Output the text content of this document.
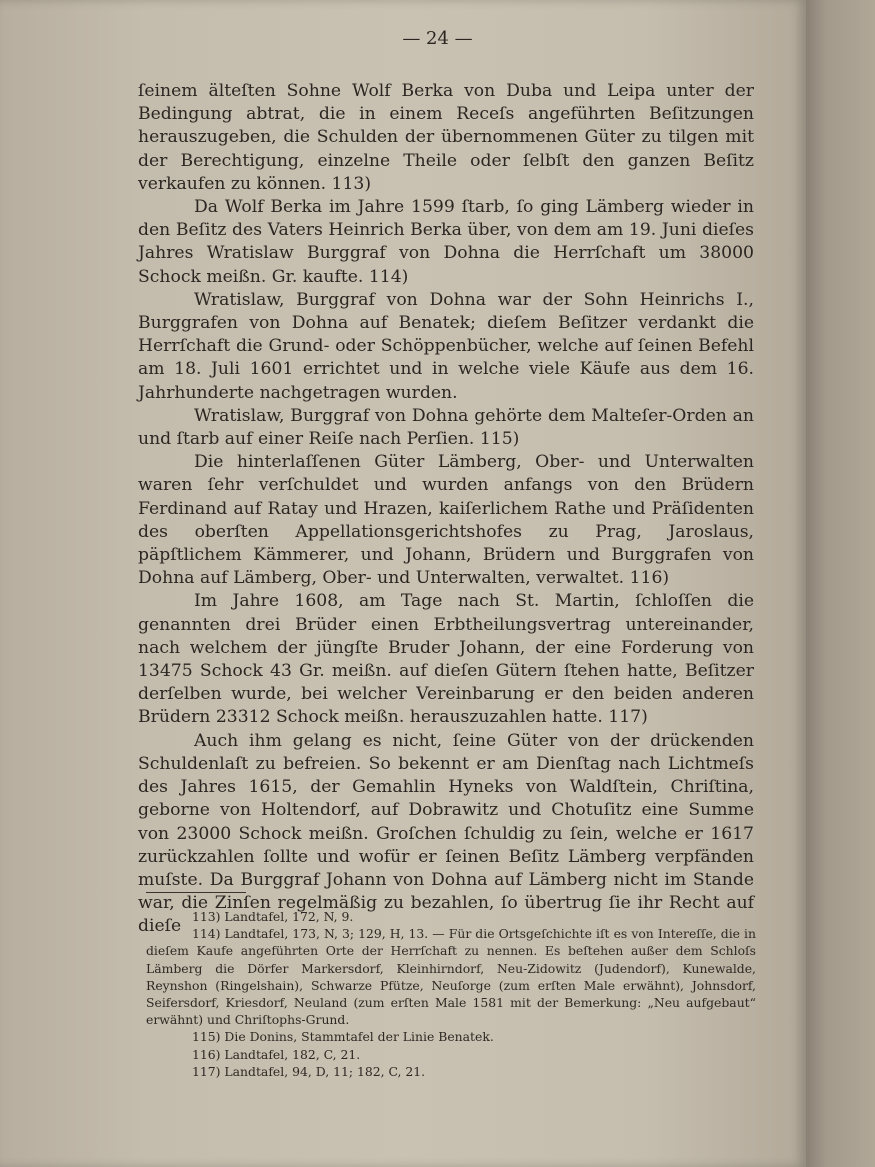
— 24 —

ſeinem älteſten Sohne Wolf Berka von Duba und Leipa unter der Bedingung abtrat, die in einem Receſs angeführten Beſitzungen herauszugeben, die Schulden der übernommenen Güter zu tilgen mit der Berechtigung, einzelne Theile oder ſelbſt den ganzen Beſitz verkaufen zu können. 113)

Da Wolf Berka im Jahre 1599 ſtarb, ſo ging Lämberg wieder in den Beſitz des Vaters Heinrich Berka über, von dem am 19. Juni dieſes Jahres Wratislaw Burggraf von Dohna die Herrſchaft um 38000 Schock meißn. Gr. kaufte. 114)

Wratislaw, Burggraf von Dohna war der Sohn Heinrichs I., Burggrafen von Dohna auf Benatek; dieſem Beſitzer verdankt die Herrſchaft die Grund- oder Schöppenbücher, welche auf ſeinen Befehl am 18. Juli 1601 errichtet und in welche viele Käufe aus dem 16. Jahrhunderte nachgetragen wurden.

Wratislaw, Burggraf von Dohna gehörte dem Malteſer-Orden an und ſtarb auf einer Reiſe nach Perſien. 115)

Die hinterlaſſenen Güter Lämberg, Ober- und Unterwalten waren ſehr verſchuldet und wurden anfangs von den Brüdern Ferdinand auf Ratay und Hrazen, kaiſerlichem Rathe und Präſidenten des oberſten Appellationsgerichtshofes zu Prag, Jaroslaus, päpſtlichem Kämmerer, und Johann, Brüdern und Burggrafen von Dohna auf Lämberg, Ober- und Unterwalten, verwaltet. 116)

Im Jahre 1608, am Tage nach St. Martin, ſchloſſen die genannten drei Brüder einen Erbtheilungsvertrag untereinander, nach welchem der jüngſte Bruder Johann, der eine Forderung von 13475 Schock 43 Gr. meißn. auf dieſen Gütern ſtehen hatte, Beſitzer derſelben wurde, bei welcher Vereinbarung er den beiden anderen Brüdern 23312 Schock meißn. herauszuzahlen hatte. 117)

Auch ihm gelang es nicht, ſeine Güter von der drückenden Schuldenlaſt zu befreien. So bekennt er am Dienſtag nach Lichtmeſs des Jahres 1615, der Gemahlin Hyneks von Waldſtein, Chriſtina, geborne von Holtendorf, auf Dobrawitz und Chotuſitz eine Summe von 23000 Schock meißn. Groſchen ſchuldig zu ſein, welche er 1617 zurückzahlen ſollte und wofür er ſeinen Beſitz Lämberg verpfänden muſste. Da Burggraf Johann von Dohna auf Lämberg nicht im Stande war, die Zinſen regelmäßig zu bezahlen, ſo übertrug ſie ihr Recht auf dieſe 113) Landtafel, 172, N, 9.

114) Landtafel, 173, N, 3; 129, H, 13. — Für die Ortsgeſchichte iſt es von Intereſſe, die in dieſem Kaufe angeführten Orte der Herrſchaft zu nennen. Es beſtehen außer dem Schloſs Lämberg die Dörfer Markersdorf, Kleinhirndorf, Neu-Zidowitz (Judendorf), Kunewalde, Reynshon (Ringelshain), Schwarze Pfütze, Neuſorge (zum erſten Male erwähnt), Johnsdorf, Seifersdorf, Kriesdorf, Neuland (zum erſten Male 1581 mit der Bemerkung: „Neu aufgebaut“ erwähnt) und Chriſtophs-Grund.

115) Die Donins, Stammtafel der Linie Benatek.

116) Landtafel, 182, C, 21.

117) Landtafel, 94, D, 11; 182, C, 21.
